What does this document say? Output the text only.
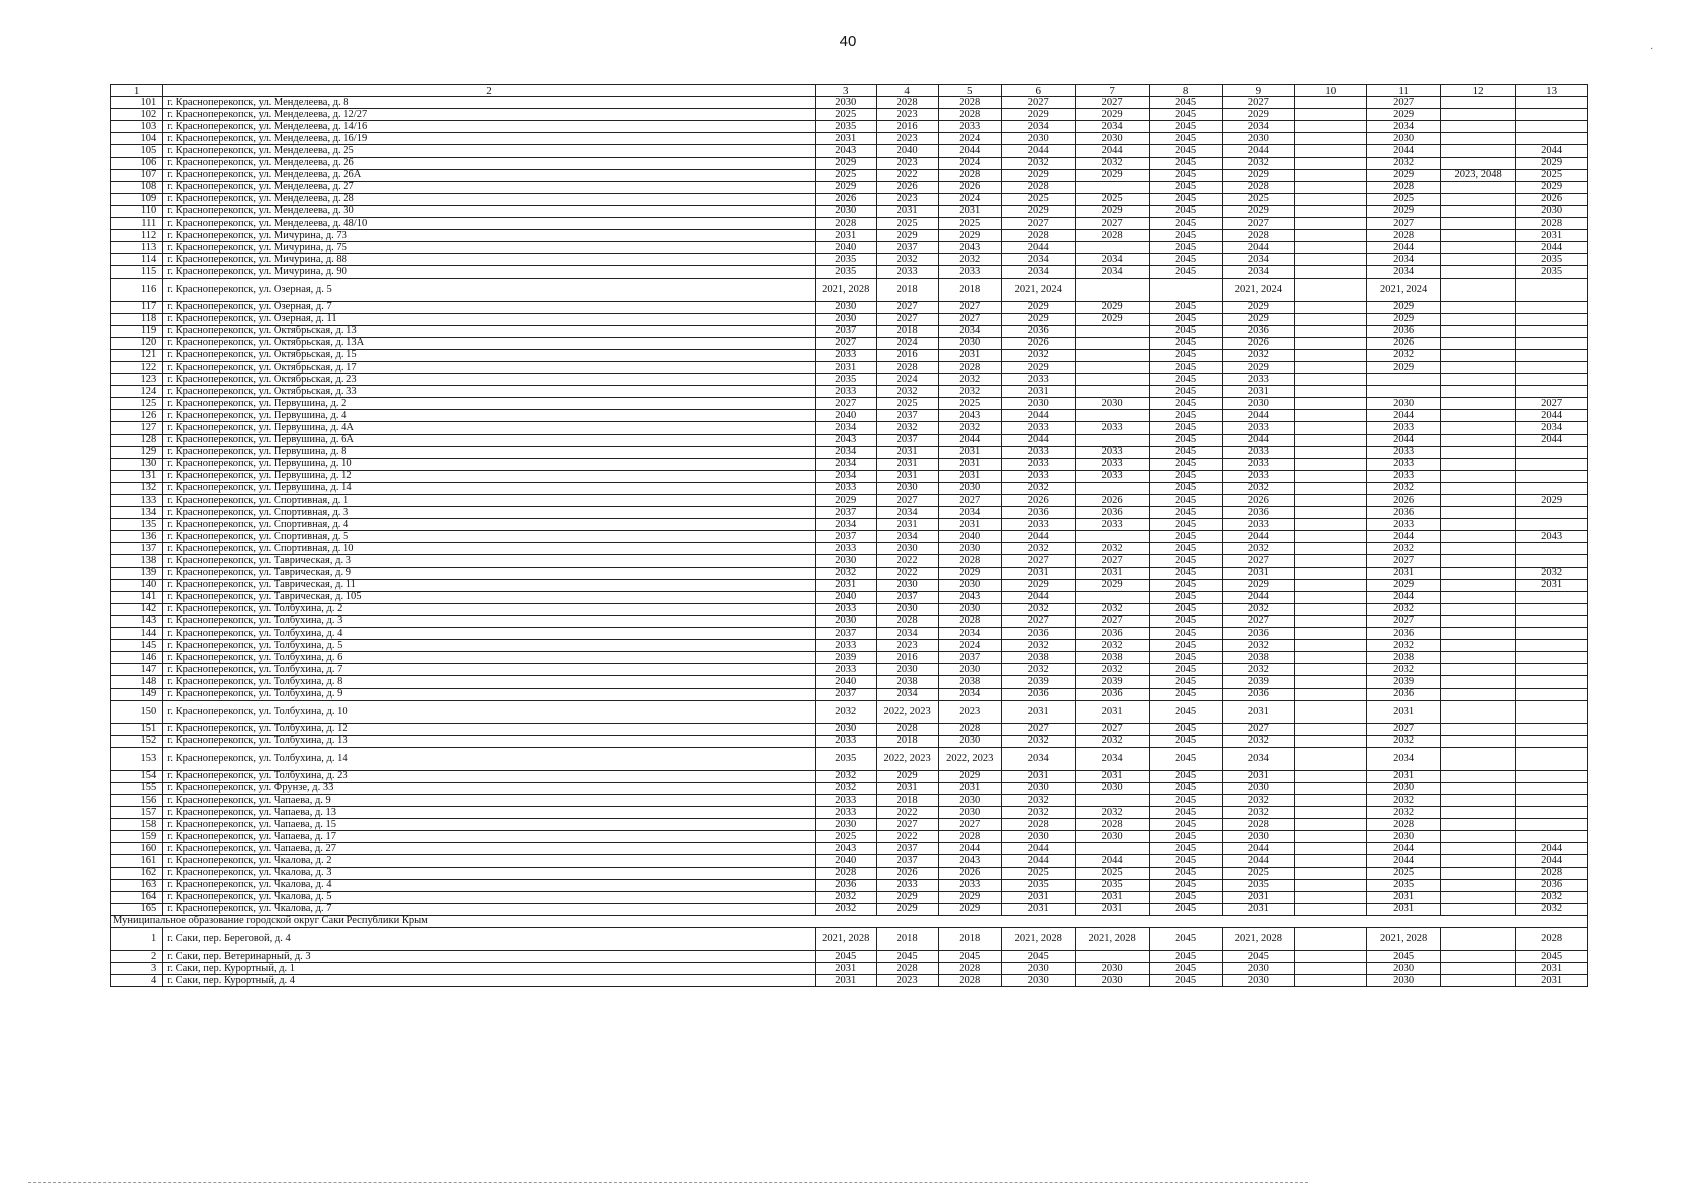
40	·
1	2	3	4	5	6	7	8	9	10	11	12	13
101	г. Красноперекопск, ул. Менделеева, д. 8	2030	2028	2028	2027	2027	2045	2027		2027		
102	г. Красноперекопск, ул. Менделеева, д. 12/27	2025	2023	2028	2029	2029	2045	2029		2029		
103	г. Красноперекопск, ул. Менделеева, д. 14/16	2035	2016	2033	2034	2034	2045	2034		2034		
104	г. Красноперекопск, ул. Менделеева, д. 16/19	2031	2023	2024	2030	2030	2045	2030		2030		
105	г. Красноперекопск, ул. Менделеева, д. 25	2043	2040	2044	2044	2044	2045	2044		2044		2044
106	г. Красноперекопск, ул. Менделеева, д. 26	2029	2023	2024	2032	2032	2045	2032		2032		2029
107	г. Красноперекопск, ул. Менделеева, д. 26А	2025	2022	2028	2029	2029	2045	2029		2029	2023, 2048	2025
108	г. Красноперекопск, ул. Менделеева, д. 27	2029	2026	2026	2028		2045	2028		2028		2029
109	г. Красноперекопск, ул. Менделеева, д. 28	2026	2023	2024	2025	2025	2045	2025		2025		2026
110	г. Красноперекопск, ул. Менделеева, д. 30	2030	2031	2031	2029	2029	2045	2029		2029		2030
111	г. Красноперекопск, ул. Менделеева, д. 48/10	2028	2025	2025	2027	2027	2045	2027		2027		2028
112	г. Красноперекопск, ул. Мичурина, д. 73	2031	2029	2029	2028	2028	2045	2028		2028		2031
113	г. Красноперекопск, ул. Мичурина, д. 75	2040	2037	2043	2044		2045	2044		2044		2044
114	г. Красноперекопск, ул. Мичурина, д. 88	2035	2032	2032	2034	2034	2045	2034		2034		2035
115	г. Красноперекопск, ул. Мичурина, д. 90	2035	2033	2033	2034	2034	2045	2034		2034		2035
116	г. Красноперекопск, ул. Озерная, д. 5	2021, 2028	2018	2018	2021, 2024			2021, 2024		2021, 2024		
117	г. Красноперекопск, ул. Озерная, д. 7	2030	2027	2027	2029	2029	2045	2029		2029		
118	г. Красноперекопск, ул. Озерная, д. 11	2030	2027	2027	2029	2029	2045	2029		2029		
119	г. Красноперекопск, ул. Октябрьская, д. 13	2037	2018	2034	2036		2045	2036		2036		
120	г. Красноперекопск, ул. Октябрьская, д. 13А	2027	2024	2030	2026		2045	2026		2026		
121	г. Красноперекопск, ул. Октябрьская, д. 15	2033	2016	2031	2032		2045	2032		2032		
122	г. Красноперекопск, ул. Октябрьская, д. 17	2031	2028	2028	2029		2045	2029		2029		
123	г. Красноперекопск, ул. Октябрьская, д. 23	2035	2024	2032	2033		2045	2033				
124	г. Красноперекопск, ул. Октябрьская, д. 33	2033	2032	2032	2031		2045	2031				
125	г. Красноперекопск, ул. Первушина, д. 2	2027	2025	2025	2030	2030	2045	2030		2030		2027
126	г. Красноперекопск, ул. Первушина, д. 4	2040	2037	2043	2044		2045	2044		2044		2044
127	г. Красноперекопск, ул. Первушина, д. 4А	2034	2032	2032	2033	2033	2045	2033		2033		2034
128	г. Красноперекопск, ул. Первушина, д. 6А	2043	2037	2044	2044		2045	2044		2044		2044
129	г. Красноперекопск, ул. Первушина, д. 8	2034	2031	2031	2033	2033	2045	2033		2033		
130	г. Красноперекопск, ул. Первушина, д. 10	2034	2031	2031	2033	2033	2045	2033		2033		
131	г. Красноперекопск, ул. Первушина, д. 12	2034	2031	2031	2033	2033	2045	2033		2033		
132	г. Красноперекопск, ул. Первушина, д. 14	2033	2030	2030	2032		2045	2032		2032		
133	г. Красноперекопск, ул. Спортивная, д. 1	2029	2027	2027	2026	2026	2045	2026		2026		2029
134	г. Красноперекопск, ул. Спортивная, д. 3	2037	2034	2034	2036	2036	2045	2036		2036		
135	г. Красноперекопск, ул. Спортивная, д. 4	2034	2031	2031	2033	2033	2045	2033		2033		
136	г. Красноперекопск, ул. Спортивная, д. 5	2037	2034	2040	2044		2045	2044		2044		2043
137	г. Красноперекопск, ул. Спортивная, д. 10	2033	2030	2030	2032	2032	2045	2032		2032		
138	г. Красноперекопск, ул. Таврическая, д. 3	2030	2022	2028	2027	2027	2045	2027		2027		
139	г. Красноперекопск, ул. Таврическая, д. 9	2032	2022	2029	2031	2031	2045	2031		2031		2032
140	г. Красноперекопск, ул. Таврическая, д. 11	2031	2030	2030	2029	2029	2045	2029		2029		2031
141	г. Красноперекопск, ул. Таврическая, д. 105	2040	2037	2043	2044		2045	2044		2044		
142	г. Красноперекопск, ул. Толбухина, д. 2	2033	2030	2030	2032	2032	2045	2032		2032		
143	г. Красноперекопск, ул. Толбухина, д. 3	2030	2028	2028	2027	2027	2045	2027		2027		
144	г. Красноперекопск, ул. Толбухина, д. 4	2037	2034	2034	2036	2036	2045	2036		2036		
145	г. Красноперекопск, ул. Толбухина, д. 5	2033	2023	2024	2032	2032	2045	2032		2032		
146	г. Красноперекопск, ул. Толбухина, д. 6	2039	2016	2037	2038	2038	2045	2038		2038		
147	г. Красноперекопск, ул. Толбухина, д. 7	2033	2030	2030	2032	2032	2045	2032		2032		
148	г. Красноперекопск, ул. Толбухина, д. 8	2040	2038	2038	2039	2039	2045	2039		2039		
149	г. Красноперекопск, ул. Толбухина, д. 9	2037	2034	2034	2036	2036	2045	2036		2036		
150	г. Красноперекопск, ул. Толбухина, д. 10	2032	2022, 2023	2023	2031	2031	2045	2031		2031		
151	г. Красноперекопск, ул. Толбухина, д. 12	2030	2028	2028	2027	2027	2045	2027		2027		
152	г. Красноперекопск, ул. Толбухина, д. 13	2033	2018	2030	2032	2032	2045	2032		2032		
153	г. Красноперекопск, ул. Толбухина, д. 14	2035	2022, 2023	2022, 2023	2034	2034	2045	2034		2034		
154	г. Красноперекопск, ул. Толбухина, д. 23	2032	2029	2029	2031	2031	2045	2031		2031		
155	г. Красноперекопск, ул. Фрунзе, д. 33	2032	2031	2031	2030	2030	2045	2030		2030		
156	г. Красноперекопск, ул. Чапаева, д. 9	2033	2018	2030	2032		2045	2032		2032		
157	г. Красноперекопск, ул. Чапаева, д. 13	2033	2022	2030	2032	2032	2045	2032		2032		
158	г. Красноперекопск, ул. Чапаева, д. 15	2030	2027	2027	2028	2028	2045	2028		2028		
159	г. Красноперекопск, ул. Чапаева, д. 17	2025	2022	2028	2030	2030	2045	2030		2030		
160	г. Красноперекопск, ул. Чапаева, д. 27	2043	2037	2044	2044		2045	2044		2044		2044
161	г. Красноперекопск, ул. Чкалова, д. 2	2040	2037	2043	2044	2044	2045	2044		2044		2044
162	г. Красноперекопск, ул. Чкалова, д. 3	2028	2026	2026	2025	2025	2045	2025		2025		2028
163	г. Красноперекопск, ул. Чкалова, д. 4	2036	2033	2033	2035	2035	2045	2035		2035		2036
164	г. Красноперекопск, ул. Чкалова, д. 5	2032	2029	2029	2031	2031	2045	2031		2031		2032
165	г. Красноперекопск, ул. Чкалова, д. 7	2032	2029	2029	2031	2031	2045	2031		2031		2032
Муниципальное образование городской округ Саки Республики Крым												
1	г. Саки, пер. Береговой, д. 4	2021, 2028	2018	2018	2021, 2028	2021, 2028	2045	2021, 2028		2021, 2028		2028
2	г. Саки, пер. Ветеринарный, д. 3	2045	2045	2045	2045		2045	2045		2045		2045
3	г. Саки, пер. Курортный, д. 1	2031	2028	2028	2030	2030	2045	2030		2030		2031
4	г. Саки, пер. Курортный, д. 4	2031	2023	2028	2030	2030	2045	2030		2030		2031
